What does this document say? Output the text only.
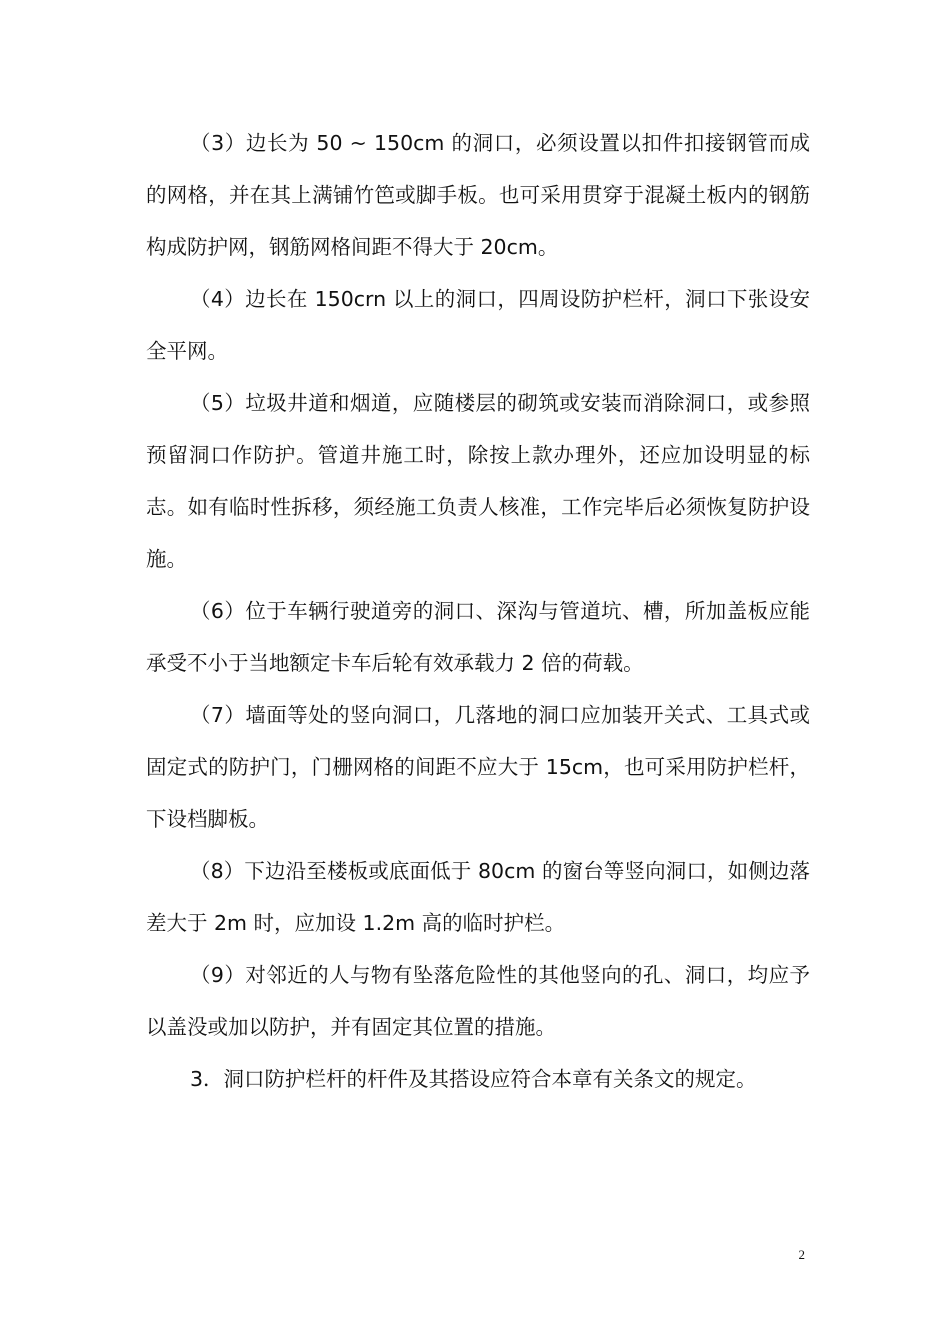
（3）边长为 50 ~ 150cm 的洞口，必须设置以扣件扣接钢管而成的网格，并在其上满铺竹笆或脚手板。也可采用贯穿于混凝土板内的钢筋构成防护网，钢筋网格间距不得大于 20cm。

（4）边长在 150crn 以上的洞口，四周设防护栏杆，洞口下张设安全平网。

（5）垃圾井道和烟道，应随楼层的砌筑或安装而消除洞口，或参照预留洞口作防护。管道井施工时，除按上款办理外，还应加设明显的标志。如有临时性拆移，须经施工负责人核准，工作完毕后必须恢复防护设施。

（6）位于车辆行驶道旁的洞口、深沟与管道坑、槽，所加盖板应能承受不小于当地额定卡车后轮有效承载力 2 倍的荷载。

（7）墙面等处的竖向洞口，几落地的洞口应加装开关式、工具式或固定式的防护门，门栅网格的间距不应大于 15cm，也可采用防护栏杆，下设档脚板。

（8）下边沿至楼板或底面低于 80cm 的窗台等竖向洞口，如侧边落差大于 2m 时，应加设 1.2m 高的临时护栏。

（9）对邻近的人与物有坠落危险性的其他竖向的孔、洞口，均应予以盖没或加以防护，并有固定其位置的措施。

3．洞口防护栏杆的杆件及其搭设应符合本章有关条文的规定。

2
